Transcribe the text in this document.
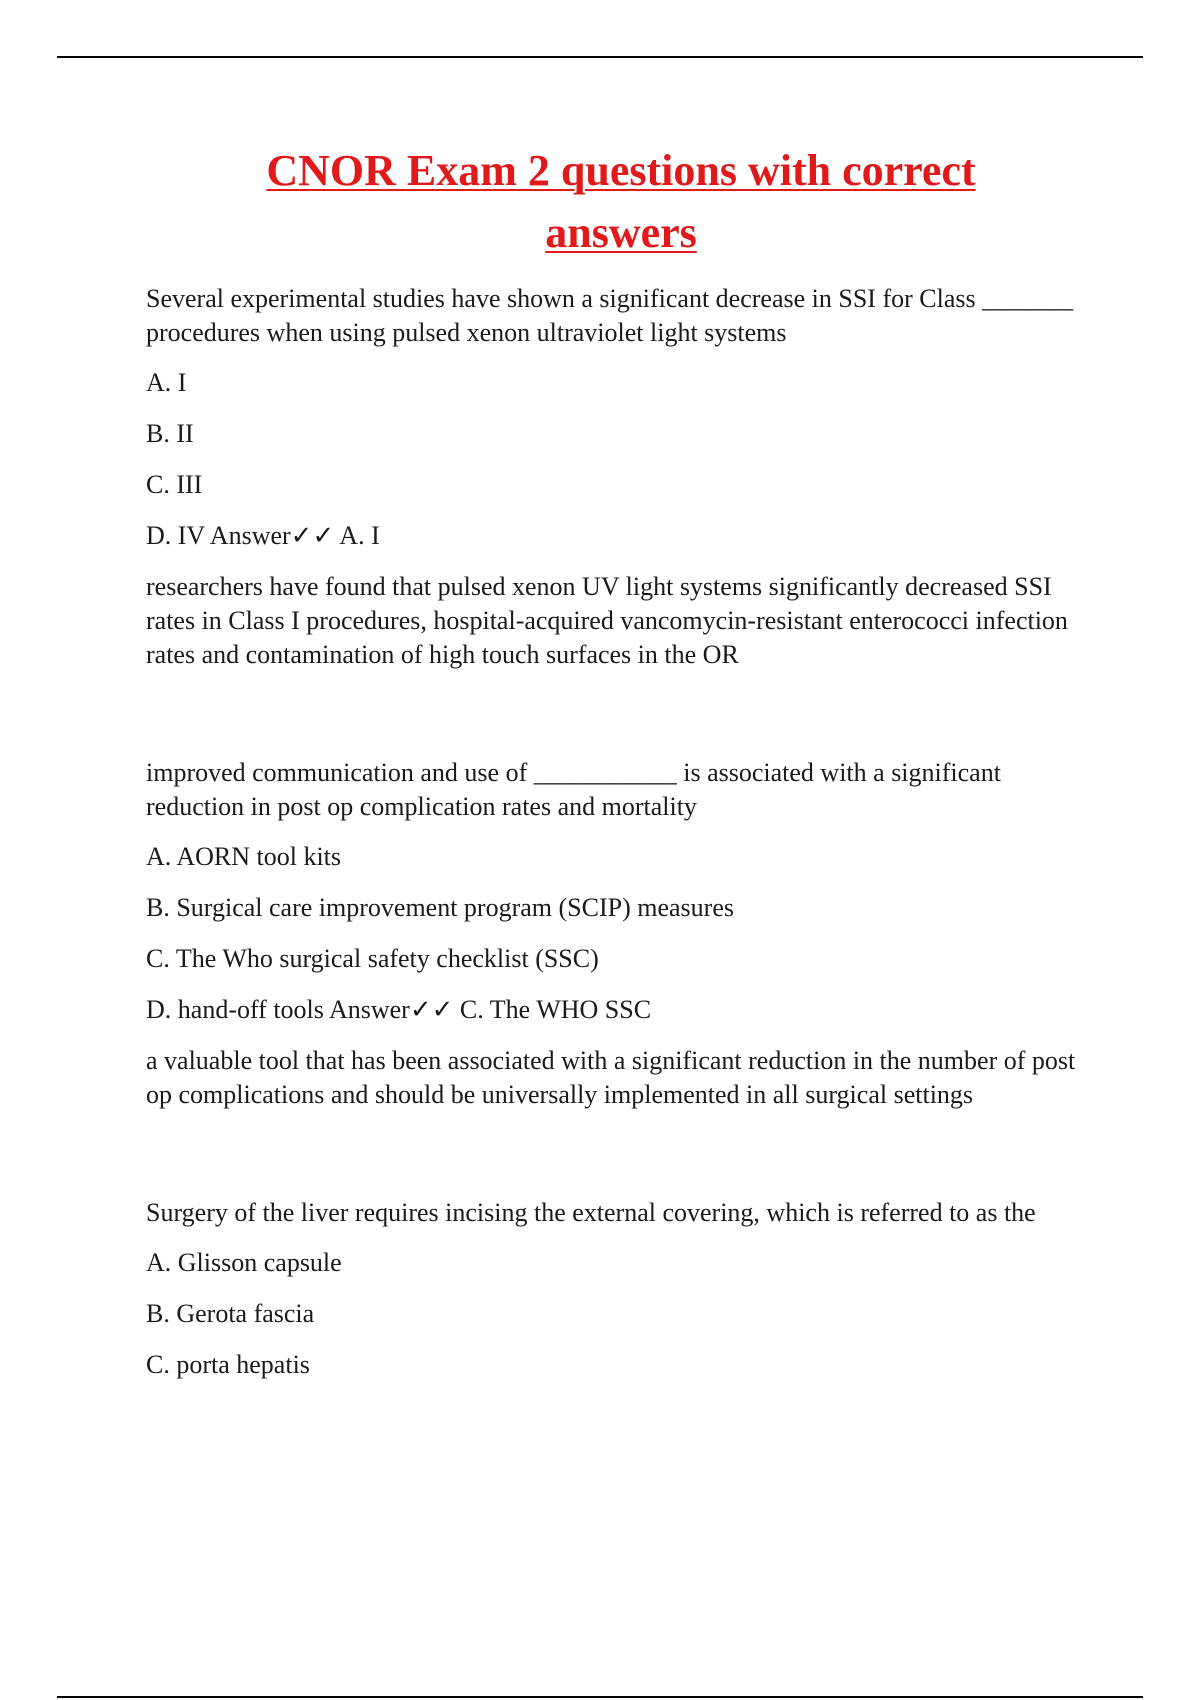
CNOR Exam 2 questions with correct
answers

Several experimental studies have shown a significant decrease in SSI for Class _______ procedures when using pulsed xenon ultraviolet light systems

A. I

B. II

C. III

D. IV Answer✓✓ A. I

researchers have found that pulsed xenon UV light systems significantly decreased SSI rates in Class I procedures, hospital-acquired vancomycin-resistant enterococci infection rates and contamination of high touch surfaces in the OR

improved communication and use of ___________ is associated with a significant reduction in post op complication rates and mortality

A. AORN tool kits

B. Surgical care improvement program (SCIP) measures

C. The Who surgical safety checklist (SSC)

D. hand-off tools Answer✓✓ C. The WHO SSC

a valuable tool that has been associated with a significant reduction in the number of post op complications and should be universally implemented in all surgical settings

Surgery of the liver requires incising the external covering, which is referred to as the

A. Glisson capsule

B. Gerota fascia

C. porta hepatis
